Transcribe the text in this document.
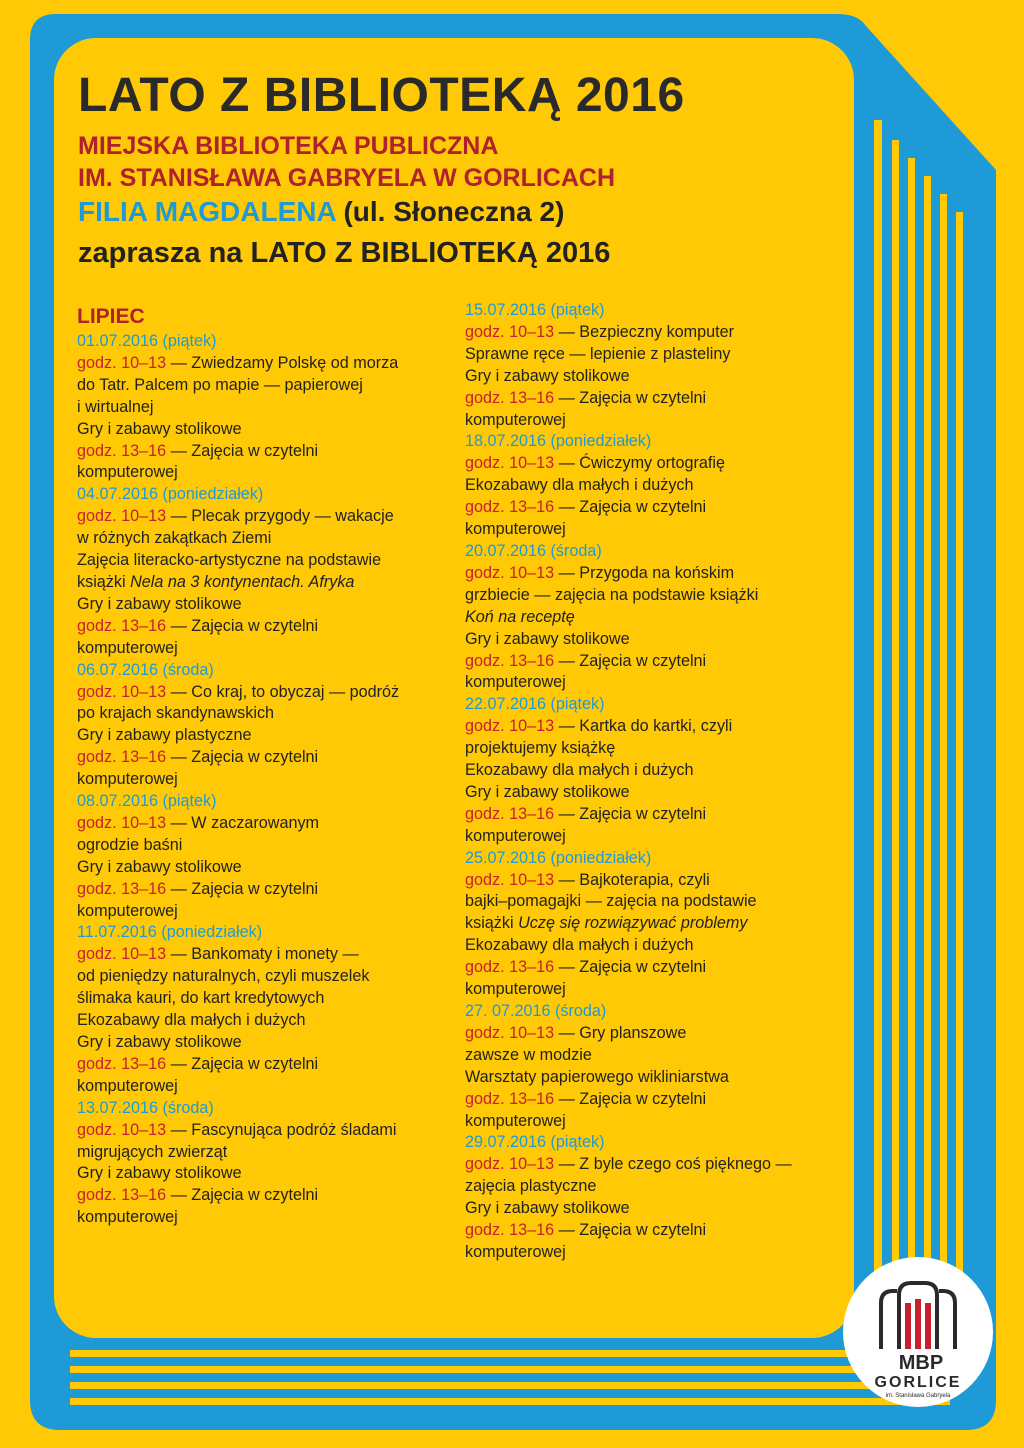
LATO Z BIBLIOTEKĄ 2016
MIEJSKA BIBLIOTEKA PUBLICZNA
IM. STANISŁAWA GABRYELA W GORLICACH
FILIA MAGDALENA (ul. Słoneczna 2)
zaprasza na LATO Z BIBLIOTEKĄ 2016
LIPIEC
01.07.2016 (piątek)
godz. 10–13 — Zwiedzamy Polskę od morza
do Tatr. Palcem po mapie — papierowej
i wirtualnej
Gry i zabawy stolikowe
godz. 13–16 — Zajęcia w czytelni
komputerowej
04.07.2016 (poniedziałek)
godz. 10–13 — Plecak przygody — wakacje
w różnych zakątkach Ziemi
Zajęcia literacko-artystyczne na podstawie
książki Nela na 3 kontynentach. Afryka
Gry i zabawy stolikowe
godz. 13–16 — Zajęcia w czytelni
komputerowej
06.07.2016 (środa)
godz. 10–13 — Co kraj, to obyczaj — podróż
po krajach skandynawskich
Gry i zabawy plastyczne
godz. 13–16 — Zajęcia w czytelni
komputerowej
08.07.2016 (piątek)
godz. 10–13 — W zaczarowanym
ogrodzie baśni
Gry i zabawy stolikowe
godz. 13–16 — Zajęcia w czytelni
komputerowej
11.07.2016 (poniedziałek)
godz. 10–13 — Bankomaty i monety —
od pieniędzy naturalnych, czyli muszelek
ślimaka kauri, do kart kredytowych
Ekozabawy dla małych i dużych
Gry i zabawy stolikowe
godz. 13–16 — Zajęcia w czytelni
komputerowej
13.07.2016 (środa)
godz. 10–13 — Fascynująca podróż śladami
migrujących zwierząt
Gry i zabawy stolikowe
godz. 13–16 — Zajęcia w czytelni
komputerowej
15.07.2016 (piątek)
godz. 10–13 — Bezpieczny komputer
Sprawne ręce — lepienie z plasteliny
Gry i zabawy stolikowe
godz. 13–16 — Zajęcia w czytelni
komputerowej
18.07.2016 (poniedziałek)
godz. 10–13 — Ćwiczymy ortografię
Ekozabawy dla małych i dużych
godz. 13–16 — Zajęcia w czytelni
komputerowej
20.07.2016 (środa)
godz. 10–13 — Przygoda na końskim
grzbiecie — zajęcia na podstawie książki
Koń na receptę
Gry i zabawy stolikowe
godz. 13–16 — Zajęcia w czytelni
komputerowej
22.07.2016 (piątek)
godz. 10–13 — Kartka do kartki, czyli
projektujemy książkę
Ekozabawy dla małych i dużych
Gry i zabawy stolikowe
godz. 13–16 — Zajęcia w czytelni
komputerowej
25.07.2016 (poniedziałek)
godz. 10–13 — Bajkoterapia, czyli
bajki–pomagajki — zajęcia na podstawie
książki Uczę się rozwiązywać problemy
Ekozabawy dla małych i dużych
godz. 13–16 — Zajęcia w czytelni
komputerowej
27. 07.2016 (środa)
godz. 10–13 — Gry planszowe
zawsze w modzie
Warsztaty papierowego wikliniarstwa
godz. 13–16 — Zajęcia w czytelni
komputerowej
29.07.2016 (piątek)
godz. 10–13 — Z byle czego coś pięknego —
zajęcia plastyczne
Gry i zabawy stolikowe
godz. 13–16 — Zajęcia w czytelni
komputerowej
MBP
GORLICE
im. Stanisława Gabryela
